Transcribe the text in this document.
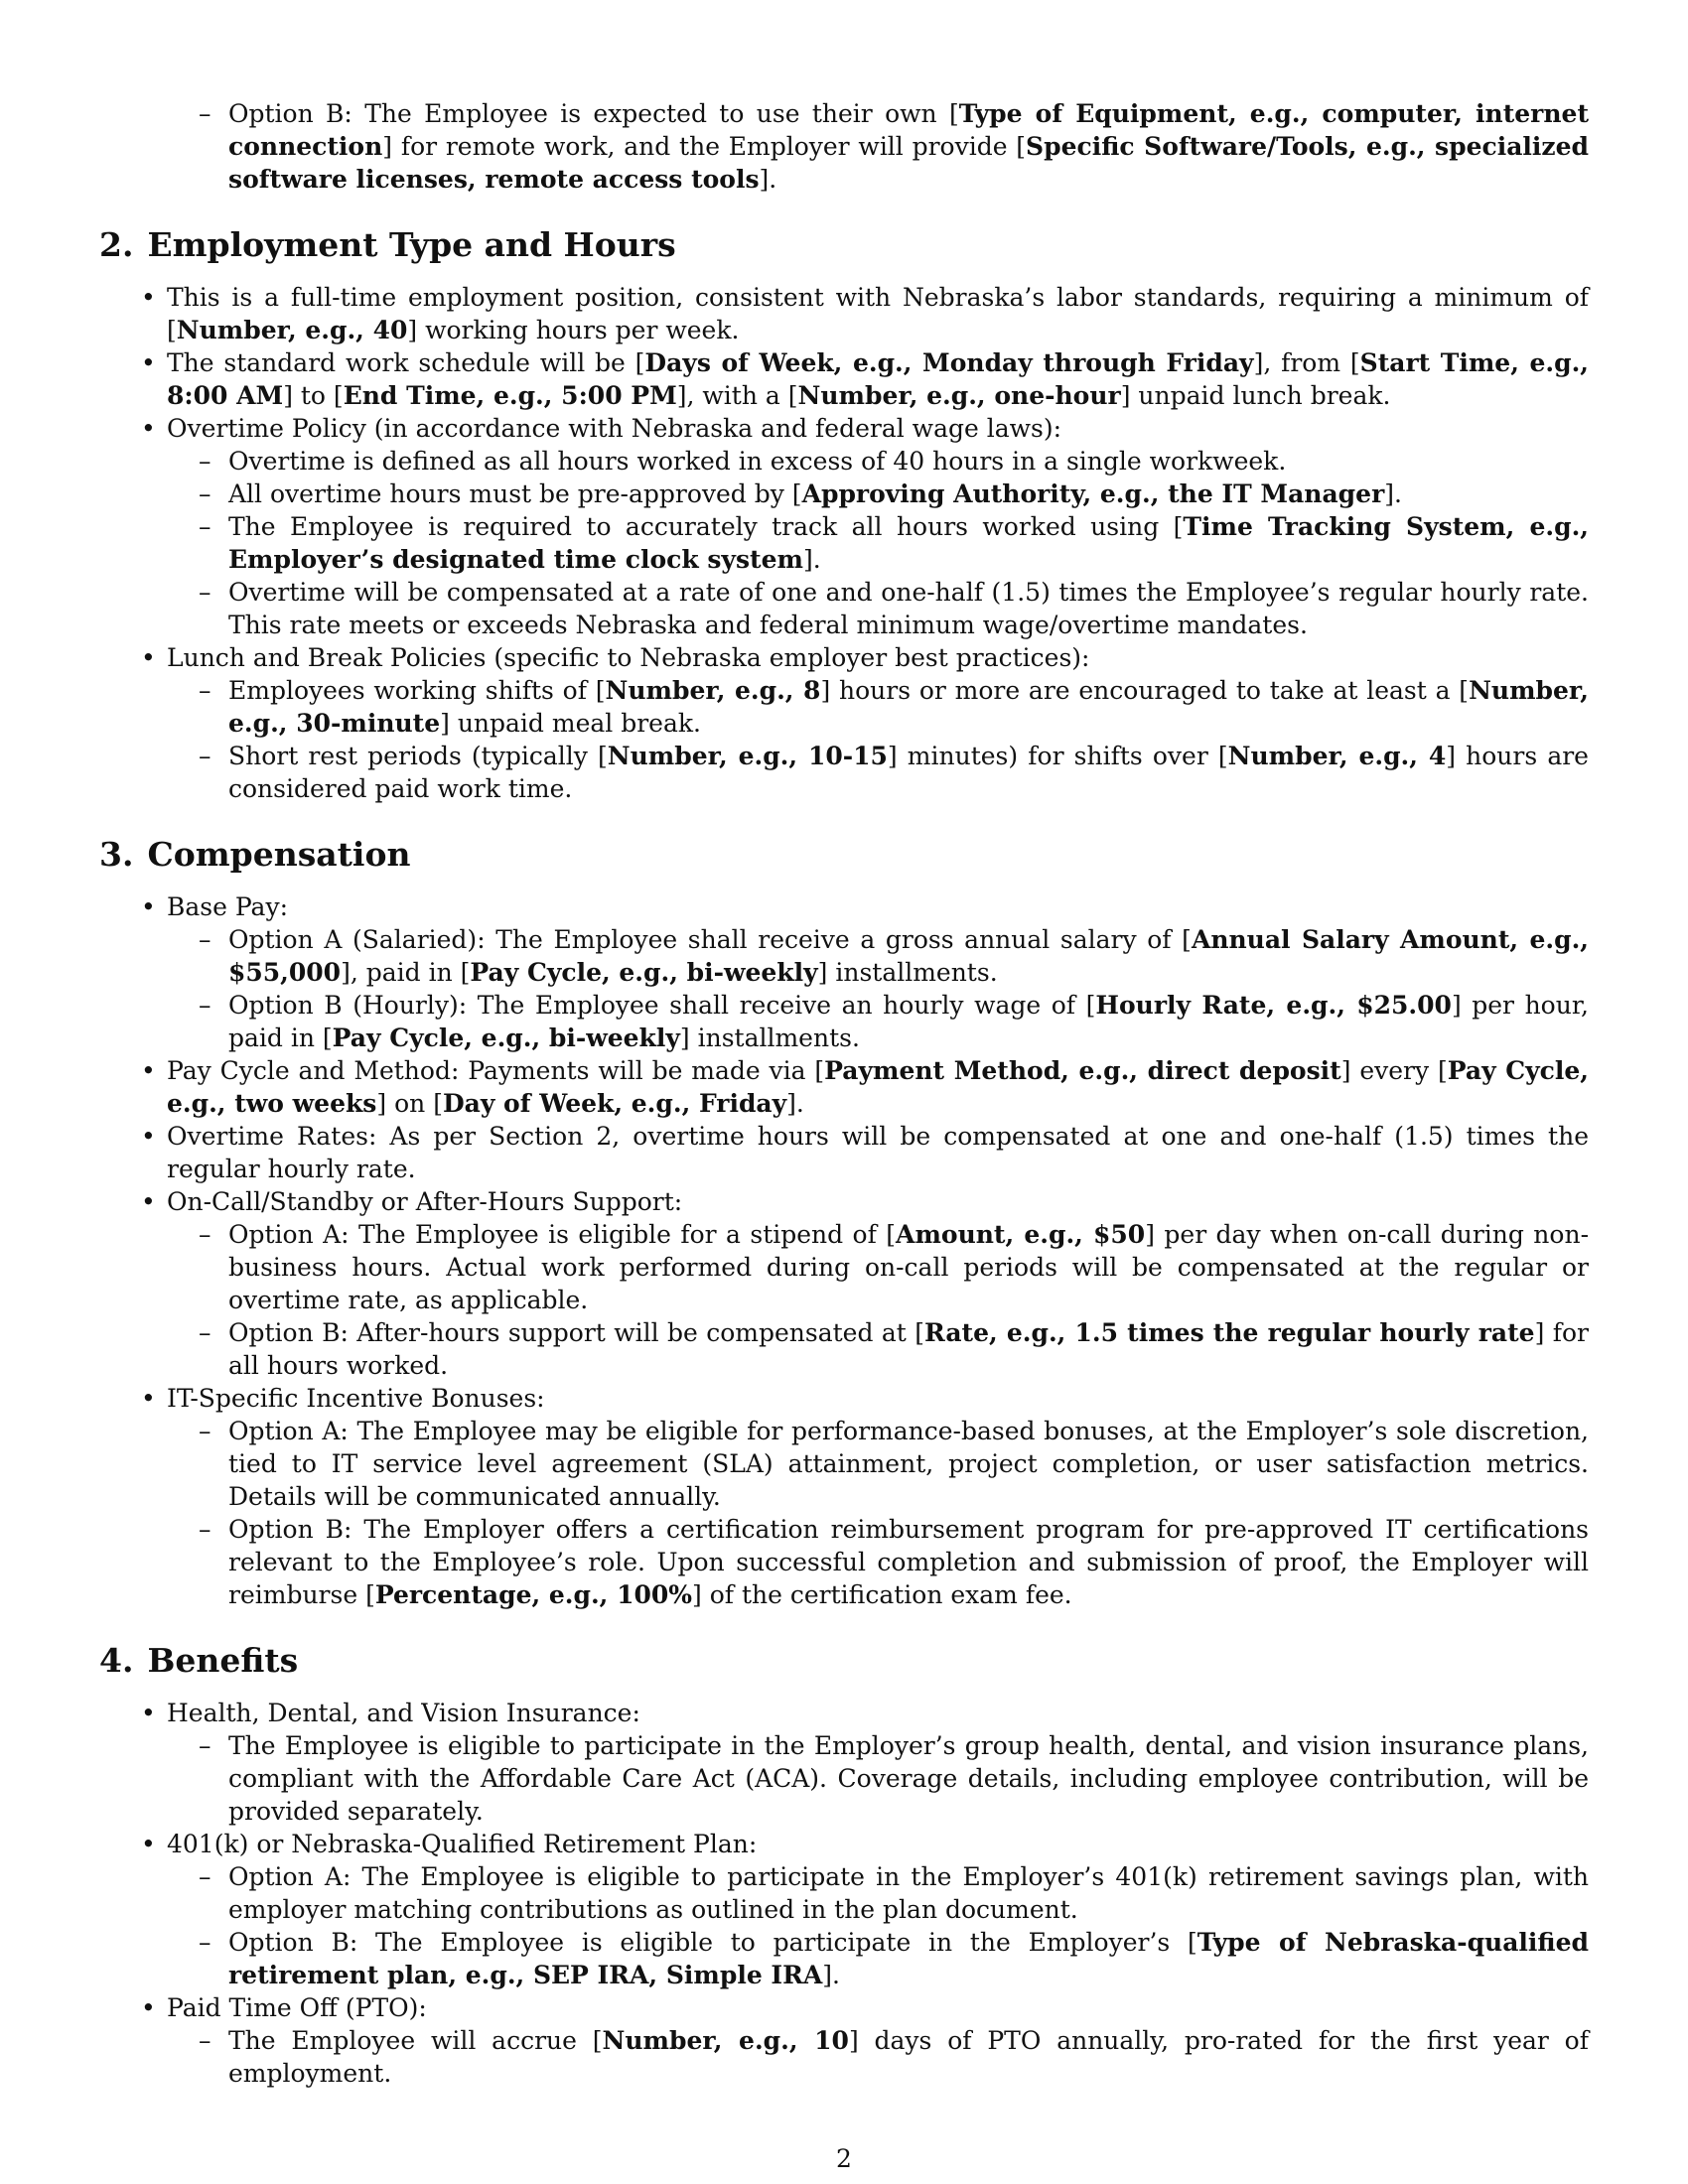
– Option B: The Employee is expected to use their own [Type of Equipment, e.g., computer, internet connection] for remote work, and the Employer will provide [Specific Software/Tools, e.g., specialized software licenses, remote access tools].
2. Employment Type and Hours
• This is a full-time employment position, consistent with Nebraska’s labor standards, requiring a minimum of [Number, e.g., 40] working hours per week.
• The standard work schedule will be [Days of Week, e.g., Monday through Friday], from [Start Time, e.g., 8:00 AM] to [End Time, e.g., 5:00 PM], with a [Number, e.g., one-hour] unpaid lunch break.
• Overtime Policy (in accordance with Nebraska and federal wage laws):
– Overtime is defined as all hours worked in excess of 40 hours in a single workweek.
– All overtime hours must be pre-approved by [Approving Authority, e.g., the IT Manager].
– The Employee is required to accurately track all hours worked using [Time Tracking System, e.g., Employer’s designated time clock system].
– Overtime will be compensated at a rate of one and one-half (1.5) times the Employee’s regular hourly rate. This rate meets or exceeds Nebraska and federal minimum wage/overtime mandates.
• Lunch and Break Policies (specific to Nebraska employer best practices):
– Employees working shifts of [Number, e.g., 8] hours or more are encouraged to take at least a [Number, e.g., 30-minute] unpaid meal break.
– Short rest periods (typically [Number, e.g., 10-15] minutes) for shifts over [Number, e.g., 4] hours are considered paid work time.
3. Compensation
• Base Pay:
– Option A (Salaried): The Employee shall receive a gross annual salary of [Annual Salary Amount, e.g., $55,000], paid in [Pay Cycle, e.g., bi-weekly] installments.
– Option B (Hourly): The Employee shall receive an hourly wage of [Hourly Rate, e.g., $25.00] per hour, paid in [Pay Cycle, e.g., bi-weekly] installments.
• Pay Cycle and Method: Payments will be made via [Payment Method, e.g., direct deposit] every [Pay Cycle, e.g., two weeks] on [Day of Week, e.g., Friday].
• Overtime Rates: As per Section 2, overtime hours will be compensated at one and one-half (1.5) times the regular hourly rate.
• On-Call/Standby or After-Hours Support:
– Option A: The Employee is eligible for a stipend of [Amount, e.g., $50] per day when on-call during non-business hours. Actual work performed during on-call periods will be compensated at the regular or overtime rate, as applicable.
– Option B: After-hours support will be compensated at [Rate, e.g., 1.5 times the regular hourly rate] for all hours worked.
• IT-Specific Incentive Bonuses:
– Option A: The Employee may be eligible for performance-based bonuses, at the Employer’s sole discretion, tied to IT service level agreement (SLA) attainment, project completion, or user satisfaction metrics. Details will be communicated annually.
– Option B: The Employer offers a certification reimbursement program for pre-approved IT certifications relevant to the Employee’s role. Upon successful completion and submission of proof, the Employer will reimburse [Percentage, e.g., 100%] of the certification exam fee.
4. Benefits
• Health, Dental, and Vision Insurance:
– The Employee is eligible to participate in the Employer’s group health, dental, and vision insurance plans, compliant with the Affordable Care Act (ACA). Coverage details, including employee contribution, will be provided separately.
• 401(k) or Nebraska-Qualified Retirement Plan:
– Option A: The Employee is eligible to participate in the Employer’s 401(k) retirement savings plan, with employer matching contributions as outlined in the plan document.
– Option B: The Employee is eligible to participate in the Employer’s [Type of Nebraska-qualified retirement plan, e.g., SEP IRA, Simple IRA].
• Paid Time Off (PTO):
– The Employee will accrue [Number, e.g., 10] days of PTO annually, pro-rated for the first year of employment.
2
